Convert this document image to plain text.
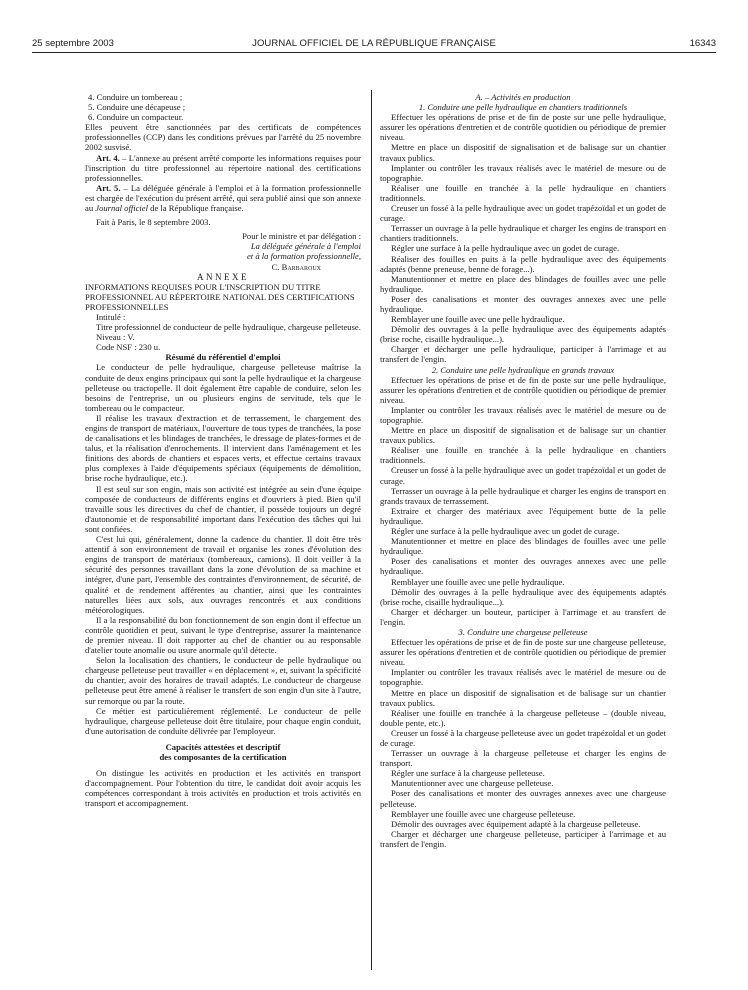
25 septembre 2003	JOURNAL OFFICIEL DE LA RÉPUBLIQUE FRANÇAISE	16343

4. Conduire un tombereau ;

5. Conduire une décapeuse ;

6. Conduire un compacteur.

Elles peuvent être sanctionnées par des certificats de compétences professionnelles (CCP) dans les conditions prévues par l'arrêté du 25 novembre 2002 susvisé.

Art. 4. – L'annexe au présent arrêté comporte les informations requises pour l'inscription du titre professionnel au répertoire national des certifications professionnelles.

Art. 5. – La déléguée générale à l'emploi et à la formation professionnelle est chargée de l'exécution du présent arrêté, qui sera publié ainsi que son annexe au Journal officiel de la République française.

Fait à Paris, le 8 septembre 2003.

Pour le ministre et par délégation :

La déléguée générale à l'emploi

et à la formation professionnelle,

C. Barbaroux

ANNEXE

INFORMATIONS REQUISES POUR L'INSCRIPTION DU TITRE PROFESSIONNEL AU RÉPERTOIRE NATIONAL DES CERTIFICATIONS PROFESSIONNELLES

Intitulé :

Titre professionnel de conducteur de pelle hydraulique, chargeuse pelleteuse.

Niveau : V.

Code NSF : 230 u.

Résumé du référentiel d'emploi

Le conducteur de pelle hydraulique, chargeuse pelleteuse maîtrise la conduite de deux engins principaux qui sont la pelle hydraulique et la chargeuse pelleteuse ou tractopelle. Il doit également être capable de conduire, selon les besoins de l'entreprise, un ou plusieurs engins de servitude, tels que le tombereau ou le compacteur.

Il réalise les travaux d'extraction et de terrassement, le chargement des engins de transport de matériaux, l'ouverture de tous types de tranchées, la pose de canalisations et les blindages de tranchées, le dressage de plates-formes et de talus, et la réalisation d'enrochements. Il intervient dans l'aménagement et les finitions des abords de chantiers et espaces verts, et effectue certains travaux plus complexes à l'aide d'équipements spéciaux (équipements de démolition, brise roche hydraulique, etc.).

Il est seul sur son engin, mais son activité est intégrée au sein d'une équipe composée de conducteurs de différents engins et d'ouvriers à pied. Bien qu'il travaille sous les directives du chef de chantier, il possède toujours un degré d'autonomie et de responsabilité important dans l'exécution des tâches qui lui sont confiées.

C'est lui qui, généralement, donne la cadence du chantier. Il doit être très attentif à son environnement de travail et organise les zones d'évolution des engins de transport de matériaux (tombereaux, camions). Il doit veiller à la sécurité des personnes travaillant dans la zone d'évolution de sa machine et intégrer, d'une part, l'ensemble des contraintes d'environnement, de sécurité, de qualité et de rendement afférentes au chantier, ainsi que les contraintes naturelles liées aux sols, aux ouvrages rencontrés et aux conditions météorologiques.

Il a la responsabilité du bon fonctionnement de son engin dont il effectue un contrôle quotidien et peut, suivant le type d'entreprise, assurer la maintenance de premier niveau. Il doit rapporter au chef de chantier ou au responsable d'atelier toute anomalie ou usure anormale qu'il détecte.

Selon la localisation des chantiers, le conducteur de pelle hydraulique ou chargeuse pelleteuse peut travailler « en déplacement », et, suivant la spécificité du chantier, avoir des horaires de travail adaptés. Le conducteur de chargeuse pelleteuse peut être amené à réaliser le transfert de son engin d'un site à l'autre, sur remorque ou par la route.

Ce métier est particulièrement réglementé. Le conducteur de pelle hydraulique, chargeuse pelleteuse doit être titulaire, pour chaque engin conduit, d'une autorisation de conduite délivrée par l'employeur.

Capacités attestées et descriptif

des composantes de la certification

On distingue les activités en production et les activités en transport d'accompagnement. Pour l'obtention du titre, le candidat doit avoir acquis les compétences correspondant à trois activités en production et trois activités en transport et accompagnement.

A. – Activités en production

1. Conduire une pelle hydraulique en chantiers traditionnels

Effectuer les opérations de prise et de fin de poste sur une pelle hydraulique, assurer les opérations d'entretien et de contrôle quotidien ou périodique de premier niveau.

Mettre en place un dispositif de signalisation et de balisage sur un chantier travaux publics.

Implanter ou contrôler les travaux réalisés avec le matériel de mesure ou de topographie.

Réaliser une fouille en tranchée à la pelle hydraulique en chantiers traditionnels.

Creuser un fossé à la pelle hydraulique avec un godet trapézoïdal et un godet de curage.

Terrasser un ouvrage à la pelle hydraulique et charger les engins de transport en chantiers traditionnels.

Régler une surface à la pelle hydraulique avec un godet de curage.

Réaliser des fouilles en puits à la pelle hydraulique avec des équipements adaptés (benne preneuse, benne de forage...).

Manutentionner et mettre en place des blindages de fouilles avec une pelle hydraulique.

Poser des canalisations et monter des ouvrages annexes avec une pelle hydraulique.

Remblayer une fouille avec une pelle hydraulique.

Démolir des ouvrages à la pelle hydraulique avec des équipements adaptés (brise roche, cisaille hydraulique...).

Charger et décharger une pelle hydraulique, participer à l'arrimage et au transfert de l'engin.

2. Conduire une pelle hydraulique en grands travaux

Effectuer les opérations de prise et de fin de poste sur une pelle hydraulique, assurer les opérations d'entretien et de contrôle quotidien ou périodique de premier niveau.

Implanter ou contrôler les travaux réalisés avec le matériel de mesure ou de topographie.

Mettre en place un dispositif de signalisation et de balisage sur un chantier travaux publics.

Réaliser une fouille en tranchée à la pelle hydraulique en chantiers traditionnels.

Creuser un fossé à la pelle hydraulique avec un godet trapézoïdal et un godet de curage.

Terrasser un ouvrage à la pelle hydraulique et charger les engins de transport en grands travaux de terrassement.

Extraire et charger des matériaux avec l'équipement butte de la pelle hydraulique.

Régler une surface à la pelle hydraulique avec un godet de curage.

Manutentionner et mettre en place des blindages de fouilles avec une pelle hydraulique.

Poser des canalisations et monter des ouvrages annexes avec une pelle hydraulique.

Remblayer une fouille avec une pelle hydraulique.

Démolir des ouvrages à la pelle hydraulique avec des équipements adaptés (brise roche, cisaille hydraulique...).

Charger et décharger un bouteur, participer à l'arrimage et au transfert de l'engin.

3. Conduire une chargeuse pelleteuse

Effectuer les opérations de prise et de fin de poste sur une chargeuse pelleteuse, assurer les opérations d'entretien et de contrôle quotidien ou périodique de premier niveau.

Implanter ou contrôler les travaux réalisés avec le matériel de mesure ou de topographie.

Mettre en place un dispositif de signalisation et de balisage sur un chantier travaux publics.

Réaliser une fouille en tranchée à la chargeuse pelleteuse – (double niveau, double pente, etc.).

Creuser un fossé à la chargeuse pelleteuse avec un godet trapézoïdal et un godet de curage.

Terrasser un ouvrage à la chargeuse pelleteuse et charger les engins de transport.

Régler une surface à la chargeuse pelleteuse.

Manutentionner avec une chargeuse pelleteuse.

Poser des canalisations et monter des ouvrages annexes avec une chargeuse pelleteuse.

Remblayer une fouille avec une chargeuse pelleteuse.

Démolir des ouvrages avec équipement adapté à la chargeuse pelleteuse.

Charger et décharger une chargeuse pelleteuse, participer à l'arrimage et au transfert de l'engin.
